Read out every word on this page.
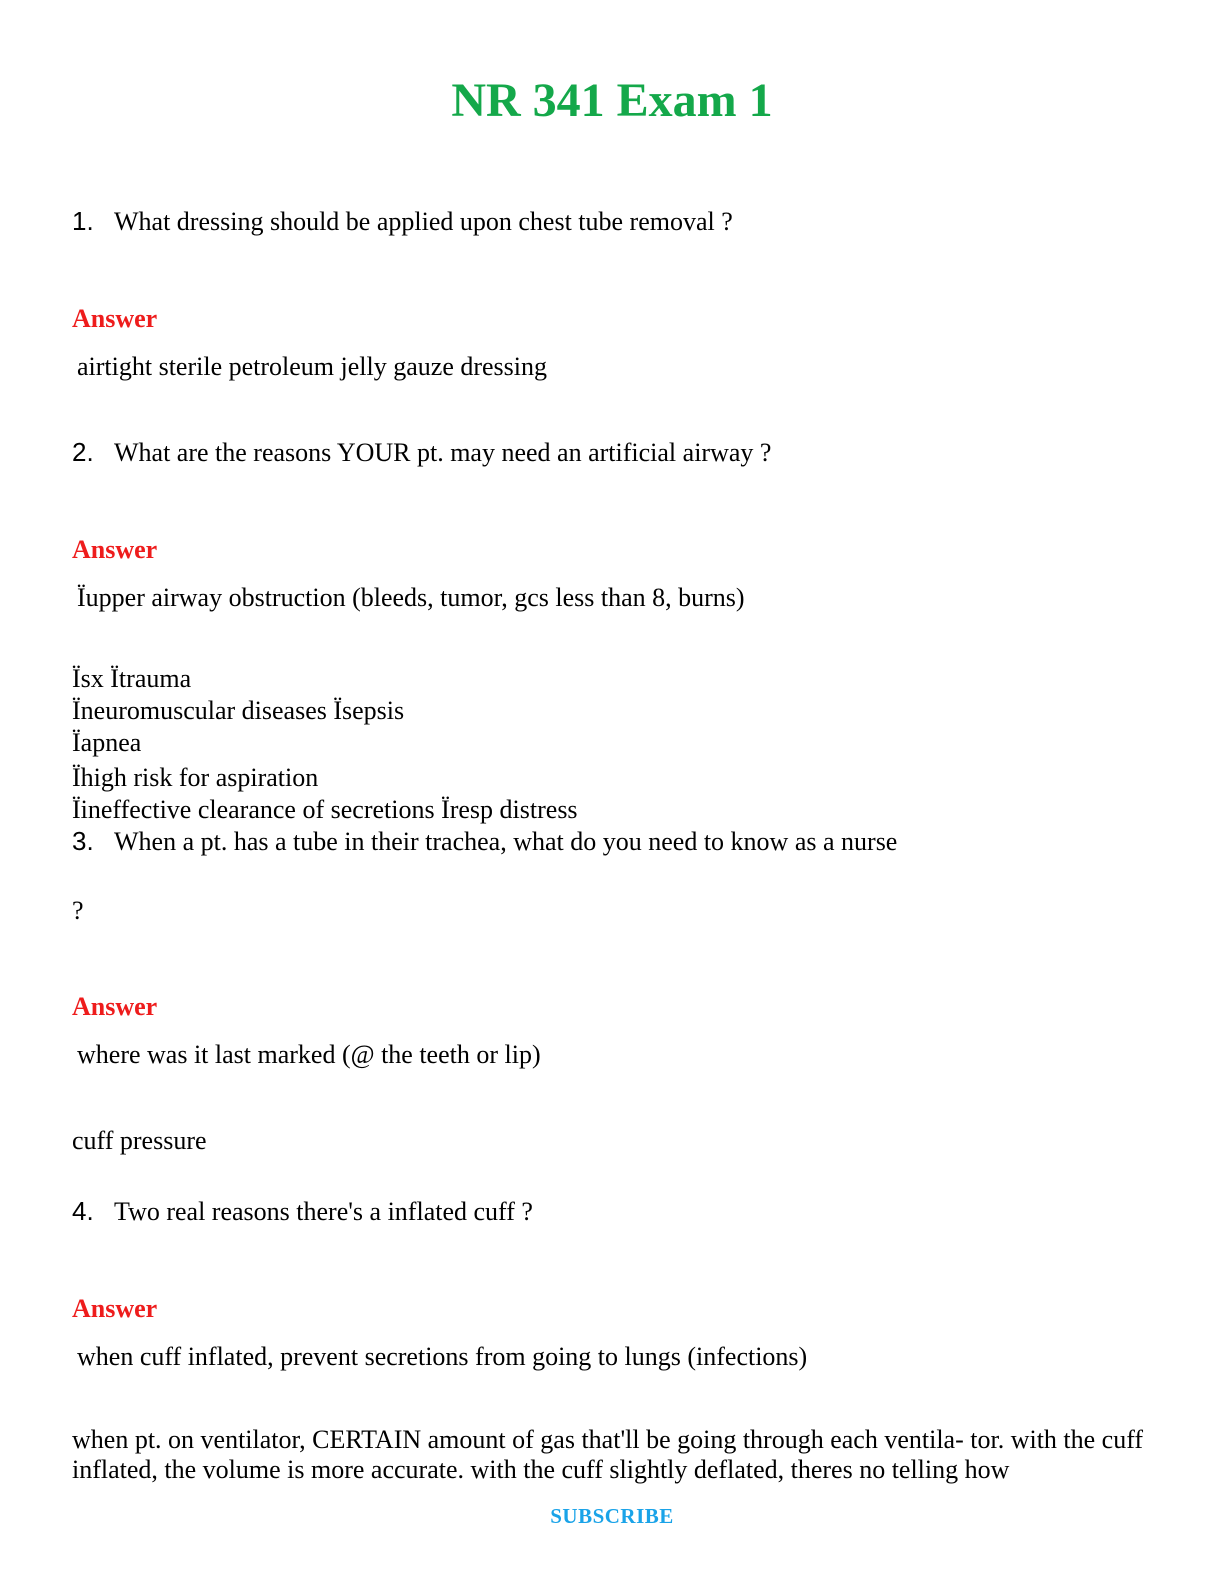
NR 341 Exam 1
1. What dressing should be applied upon chest tube removal ?
Answer
airtight sterile petroleum jelly gauze dressing
2. What are the reasons YOUR pt. may need an artificial airway ?
Answer
Ïupper airway obstruction (bleeds, tumor, gcs less than 8, burns)
Ïsx Ïtrauma
Ïneuromuscular diseases Ïsepsis
Ïapnea
Ïhigh risk for aspiration
Ïineffective clearance of secretions Ïresp distress
3. When a pt. has a tube in their trachea, what do you need to know as a nurse
?
Answer
where was it last marked (@ the teeth or lip)
cuff pressure
4. Two real reasons there's a inflated cuff ?
Answer
when cuff inflated, prevent secretions from going to lungs (infections)
when pt. on ventilator, CERTAIN amount of gas that'll be going through each ventila- tor. with the cuff inflated, the volume is more accurate. with the cuff slightly deflated, theres no telling how
SUBSCRIBE
